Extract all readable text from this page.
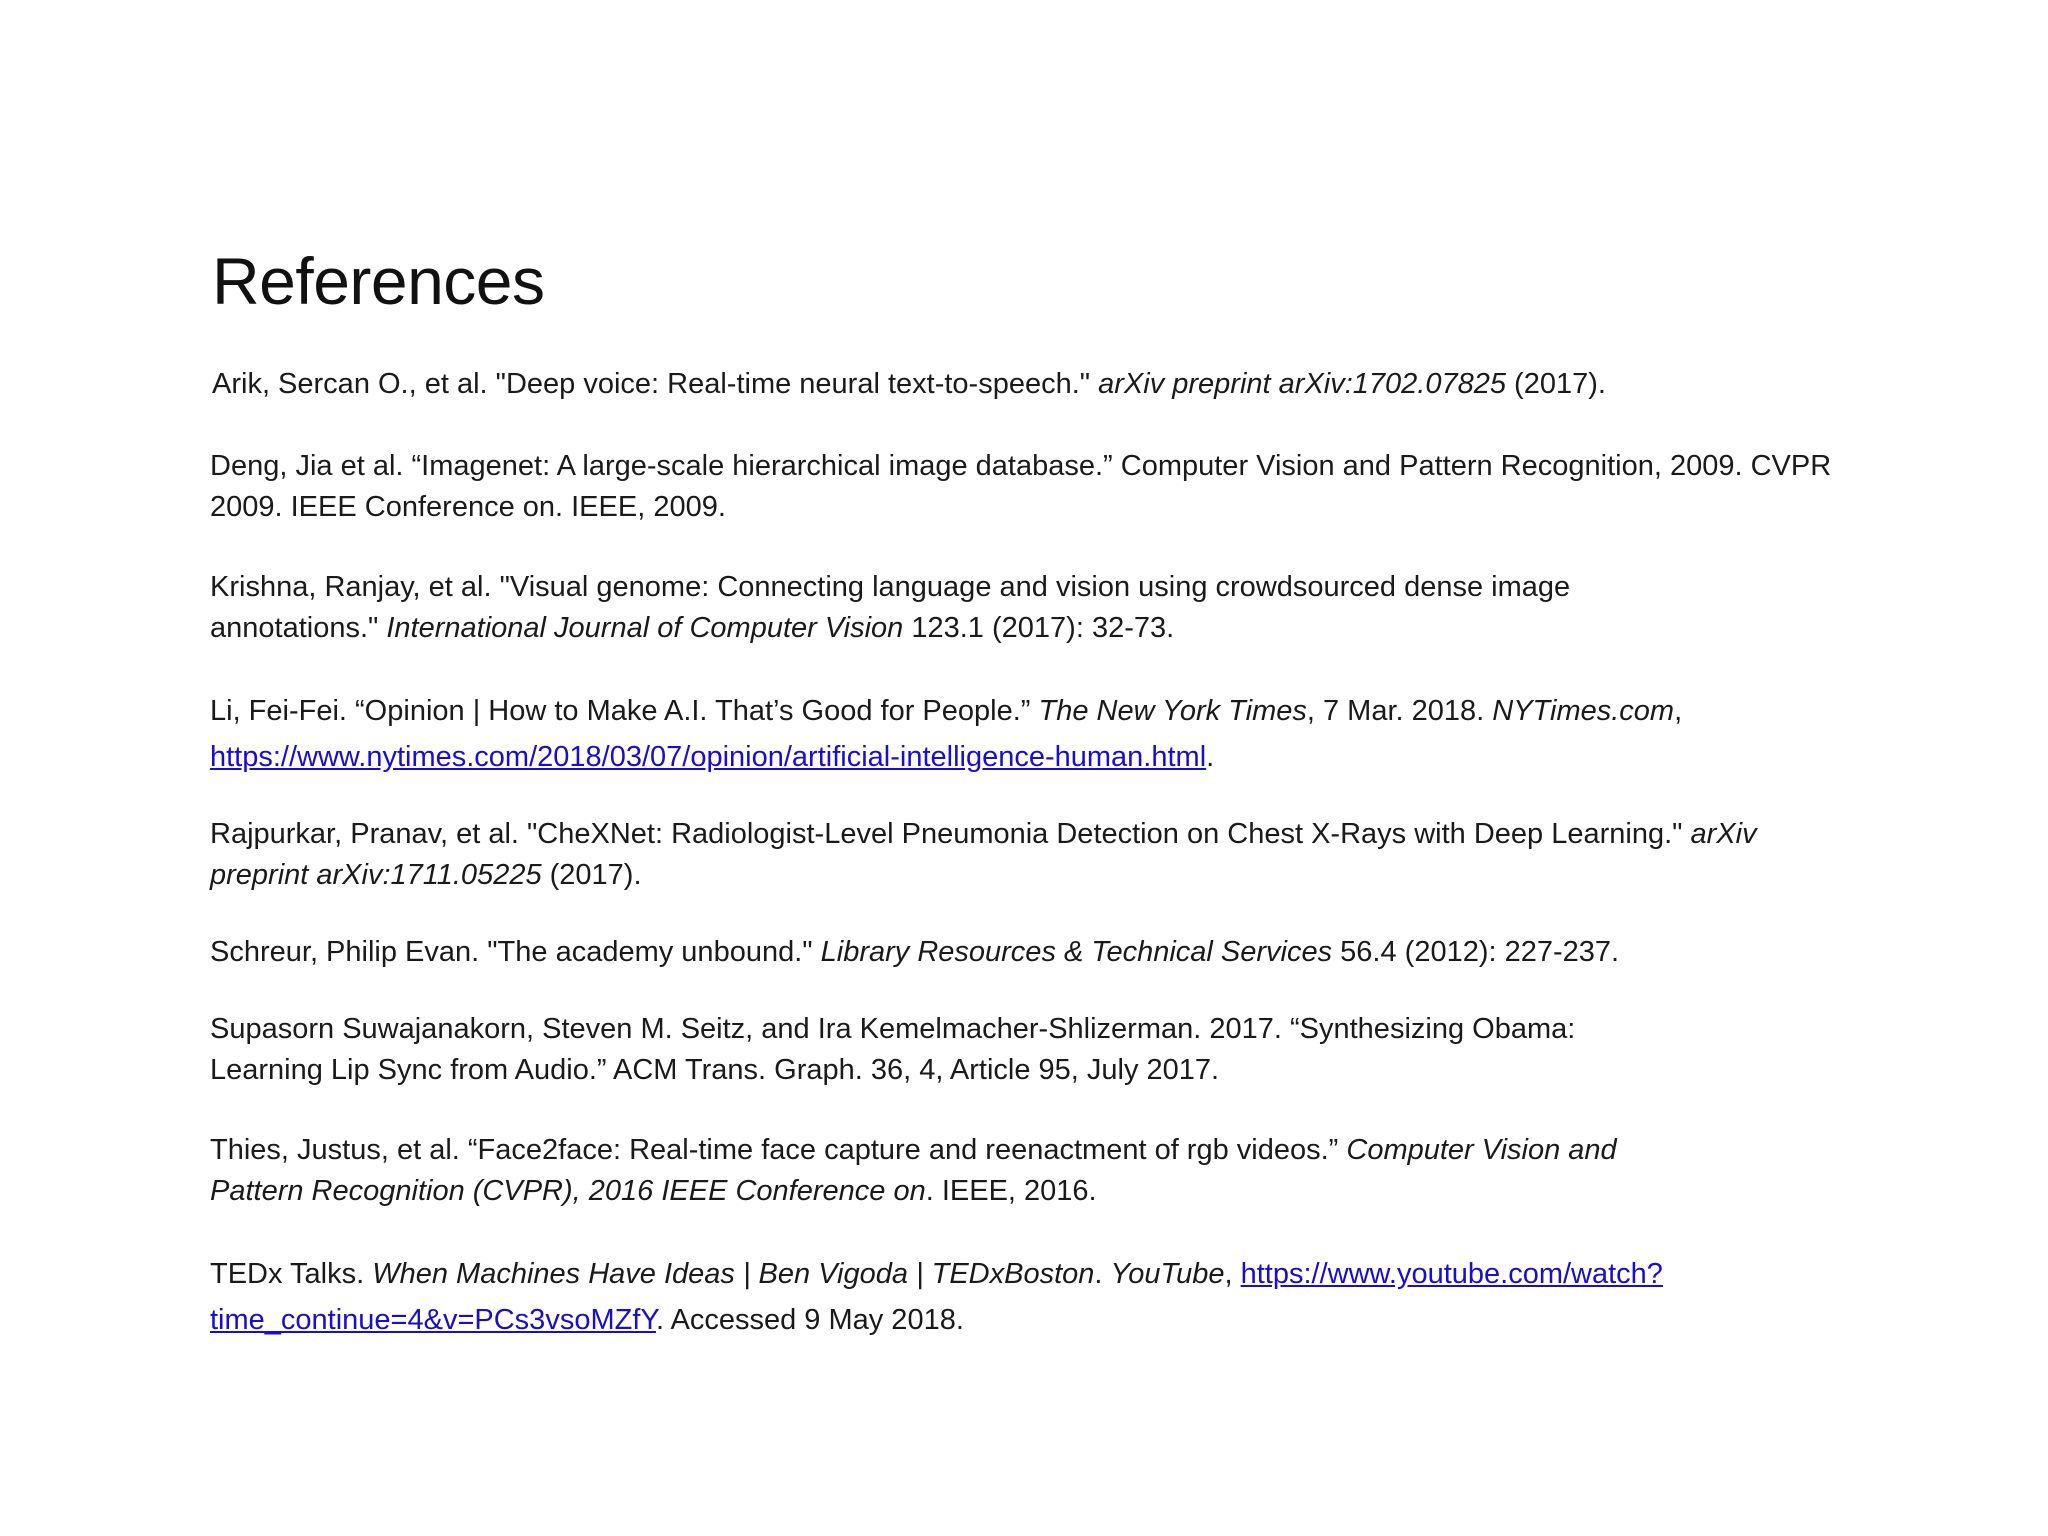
References

Arik, Sercan O., et al. "Deep voice: Real-time neural text-to-speech." arXiv preprint arXiv:1702.07825 (2017).

Deng, Jia et al. “Imagenet: A large-scale hierarchical image database.” Computer Vision and Pattern Recognition, 2009. CVPR 2009. IEEE Conference on. IEEE, 2009.

Krishna, Ranjay, et al. "Visual genome: Connecting language and vision using crowdsourced dense image annotations." International Journal of Computer Vision 123.1 (2017): 32-73.

Li, Fei-Fei. “Opinion | How to Make A.I. That’s Good for People.” The New York Times, 7 Mar. 2018. NYTimes.com, https://www.nytimes.com/2018/03/07/opinion/artificial-intelligence-human.html.

Rajpurkar, Pranav, et al. "CheXNet: Radiologist-Level Pneumonia Detection on Chest X-Rays with Deep Learning." arXiv preprint arXiv:1711.05225 (2017).

Schreur, Philip Evan. "The academy unbound." Library Resources & Technical Services 56.4 (2012): 227-237.

Supasorn Suwajanakorn, Steven M. Seitz, and Ira Kemelmacher-Shlizerman. 2017. “Synthesizing Obama: Learning Lip Sync from Audio.” ACM Trans. Graph. 36, 4, Article 95, July 2017.

Thies, Justus, et al. “Face2face: Real-time face capture and reenactment of rgb videos.” Computer Vision and Pattern Recognition (CVPR), 2016 IEEE Conference on. IEEE, 2016.

TEDx Talks. When Machines Have Ideas | Ben Vigoda | TEDxBoston. YouTube, https://www.youtube.com/watch?time_continue=4&v=PCs3vsoMZfY. Accessed 9 May 2018.
